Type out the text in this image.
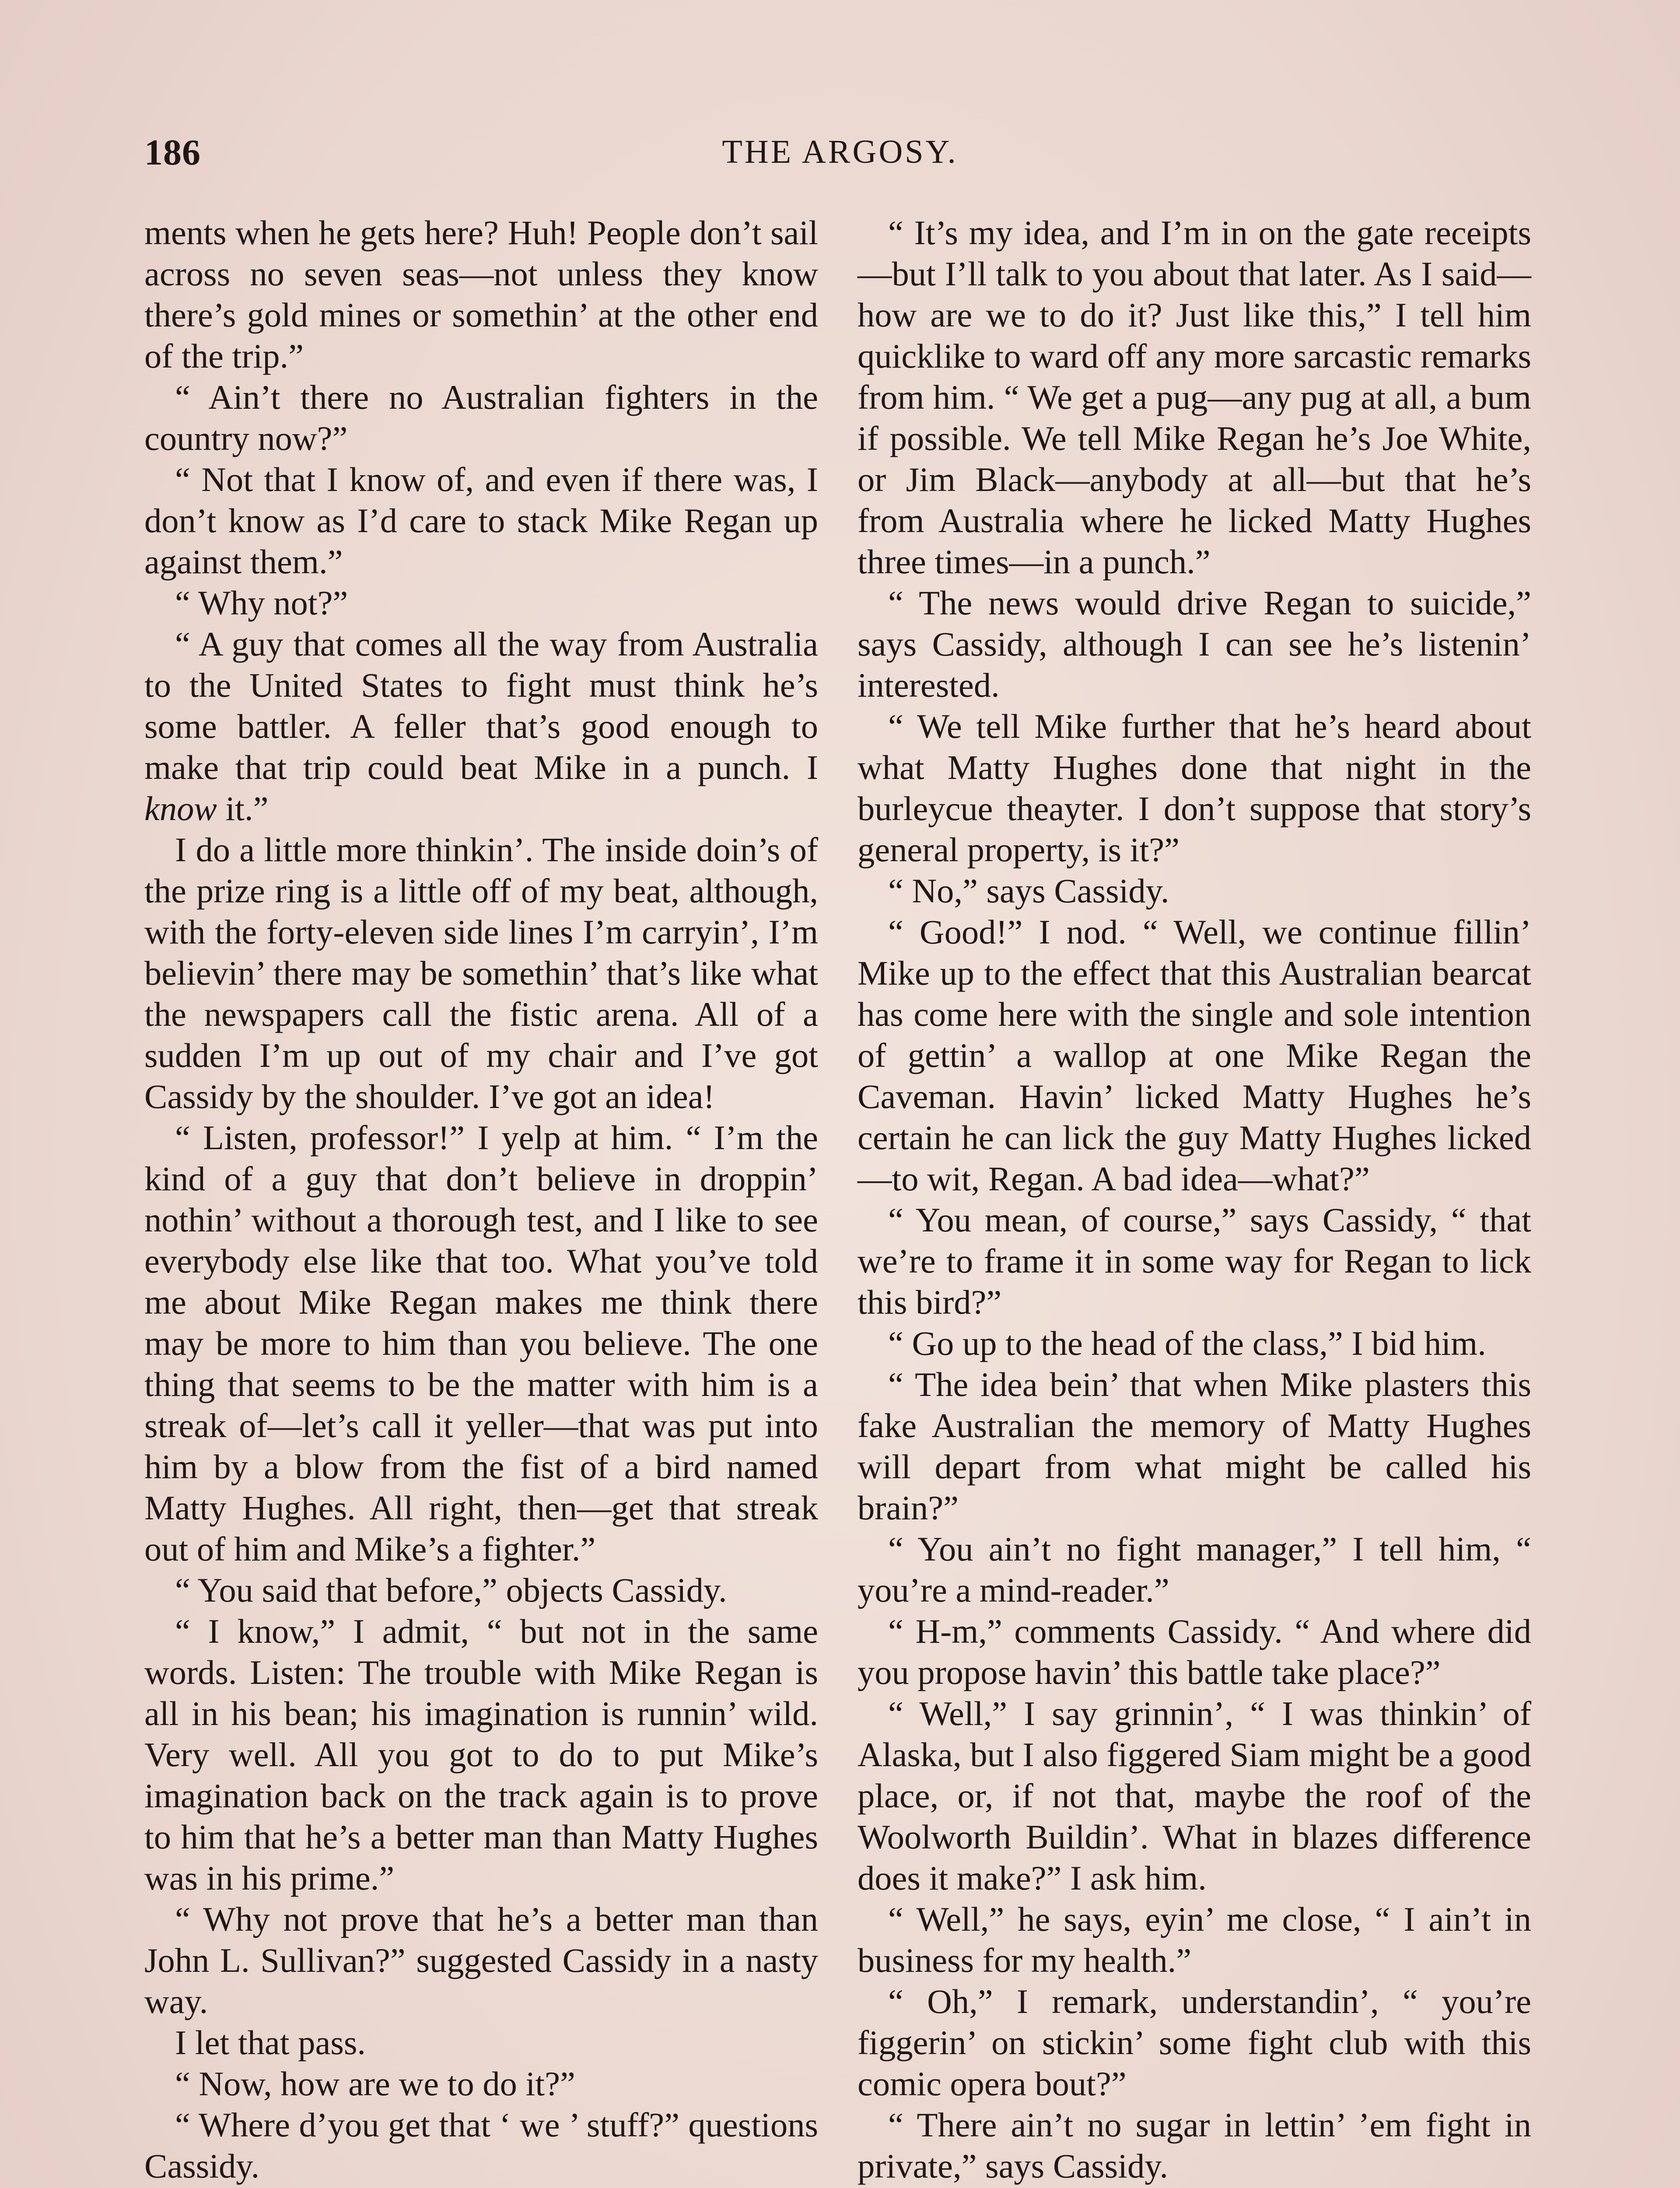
186	THE ARGOSY.

ments when he gets here? Huh! People don’t sail across no seven seas—not unless they know there’s gold mines or somethin’ at the other end of the trip.”

“ Ain’t there no Australian fighters in the country now?”

“ Not that I know of, and even if there was, I don’t know as I’d care to stack Mike Regan up against them.”

“ Why not?”

“ A guy that comes all the way from Australia to the United States to fight must think he’s some battler. A feller that’s good enough to make that trip could beat Mike in a punch. I know it.”

I do a little more thinkin’. The inside doin’s of the prize ring is a little off of my beat, although, with the forty-eleven side lines I’m carryin’, I’m believin’ there may be somethin’ that’s like what the newspapers call the fistic arena. All of a sudden I’m up out of my chair and I’ve got Cassidy by the shoulder. I’ve got an idea!

“ Listen, professor!” I yelp at him. “ I’m the kind of a guy that don’t believe in droppin’ nothin’ without a thorough test, and I like to see everybody else like that too. What you’ve told me about Mike Regan makes me think there may be more to him than you believe. The one thing that seems to be the matter with him is a streak of—let’s call it yeller—that was put into him by a blow from the fist of a bird named Matty Hughes. All right, then—get that streak out of him and Mike’s a fighter.”

“ You said that before,” objects Cassidy.

“ I know,” I admit, “ but not in the same words. Listen: The trouble with Mike Regan is all in his bean; his imagination is runnin’ wild. Very well. All you got to do to put Mike’s imagination back on the track again is to prove to him that he’s a better man than Matty Hughes was in his prime.”

“ Why not prove that he’s a better man than John L. Sullivan?” suggested Cassidy in a nasty way.

I let that pass.

“ Now, how are we to do it?”

“ Where d’you get that ‘ we ’ stuff?” questions Cassidy.

“ It’s my idea, and I’m in on the gate receipts—but I’ll talk to you about that later. As I said—how are we to do it? Just like this,” I tell him quicklike to ward off any more sarcastic remarks from him. “ We get a pug—any pug at all, a bum if possible. We tell Mike Regan he’s Joe White, or Jim Black—anybody at all—but that he’s from Australia where he licked Matty Hughes three times—in a punch.”

“ The news would drive Regan to suicide,” says Cassidy, although I can see he’s listenin’ interested.

“ We tell Mike further that he’s heard about what Matty Hughes done that night in the burleycue theayter. I don’t suppose that story’s general property, is it?”

“ No,” says Cassidy.

“ Good!” I nod. “ Well, we continue fillin’ Mike up to the effect that this Australian bearcat has come here with the single and sole intention of gettin’ a wallop at one Mike Regan the Caveman. Havin’ licked Matty Hughes he’s certain he can lick the guy Matty Hughes licked—to wit, Regan. A bad idea—what?”

“ You mean, of course,” says Cassidy, “ that we’re to frame it in some way for Regan to lick this bird?”

“ Go up to the head of the class,” I bid him.

“ The idea bein’ that when Mike plasters this fake Australian the memory of Matty Hughes will depart from what might be called his brain?”

“ You ain’t no fight manager,” I tell him, “ you’re a mind-reader.”

“ H-m,” comments Cassidy. “ And where did you propose havin’ this battle take place?”

“ Well,” I say grinnin’, “ I was thinkin’ of Alaska, but I also figgered Siam might be a good place, or, if not that, maybe the roof of the Woolworth Buildin’. What in blazes difference does it make?” I ask him.

“ Well,” he says, eyin’ me close, “ I ain’t in business for my health.”

“ Oh,” I remark, understandin’, “ you’re figgerin’ on stickin’ some fight club with this comic opera bout?”

“ There ain’t no sugar in lettin’ ’em fight in private,” says Cassidy.
